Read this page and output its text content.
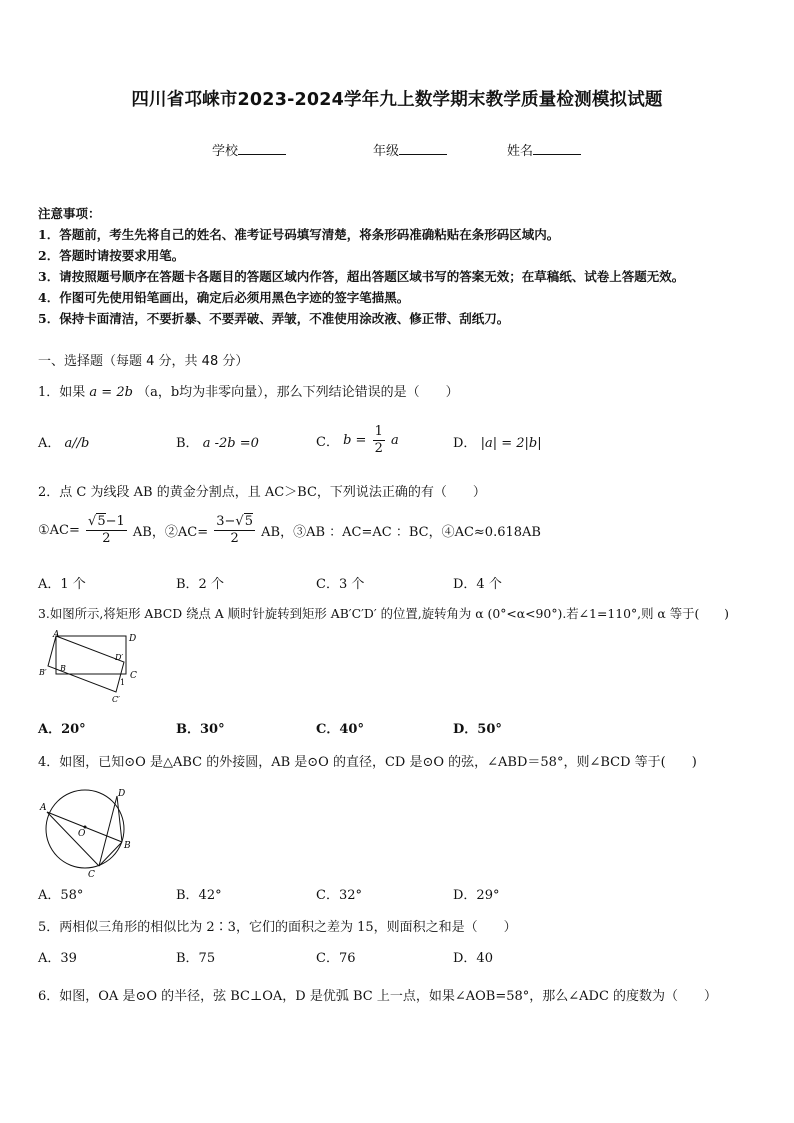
四川省邛崃市2023-2024学年九上数学期末教学质量检测模拟试题
学校	年级	姓名
注意事项：
1．答题前，考生先将自己的姓名、准考证号码填写清楚，将条形码准确粘贴在条形码区域内。
2．答题时请按要求用笔。
3．请按照题号顺序在答题卡各题目的答题区域内作答，超出答题区域书写的答案无效；在草稿纸、试卷上答题无效。
4．作图可先使用铅笔画出，确定后必须用黑色字迹的签字笔描黑。
5．保持卡面清洁，不要折暴、不要弄破、弄皱，不准使用涂改液、修正带、刮纸刀。
一、选择题（每题 4 分，共 48 分）
1．如果 a = 2b （a，b均为非零向量），那么下列结论错误的是（　　）
A． a//b	B． a -2b =0	C． $b = \frac{1}{2}$ a	D． |a| = 2|b|
2．点 C 为线段 AB 的黄金分割点，且 AC＞BC，下列说法正确的有（　　）
①AC= $\frac{√5-1}{2}$ AB，②AC= $\frac{3-√5}{2}$ AB，③AB ：AC=AC ：BC，④AC≈0.618AB
A．1 个	B．2 个	C．3 个	D．4 个
3.如图所示,将矩形 ABCD 绕点 A 顺时针旋转到矩形 AB′C′D′ 的位置,旋转角为 α (0°<α<90°).若∠1=110°,则 α 等于(　　)
A	D
B
B′
D′
C
C′
1
A．20°	B．30°	C．40°	D．50°
4．如图，已知⊙O 是△ABC 的外接圆，AB 是⊙O 的直径，CD 是⊙O 的弦，∠ABD＝58°，则∠BCD 等于(　　)
A
D
O
B
C
A．58°	B．42°	C．32°	D．29°
5．两相似三角形的相似比为 2∶3，它们的面积之差为 15，则面积之和是（　　）
A．39	B．75	C．76	D．40
6．如图，OA 是⊙O 的半径，弦 BC⊥OA，D 是优弧 BC 上一点，如果∠AOB=58°，那么∠ADC 的度数为（　　）
